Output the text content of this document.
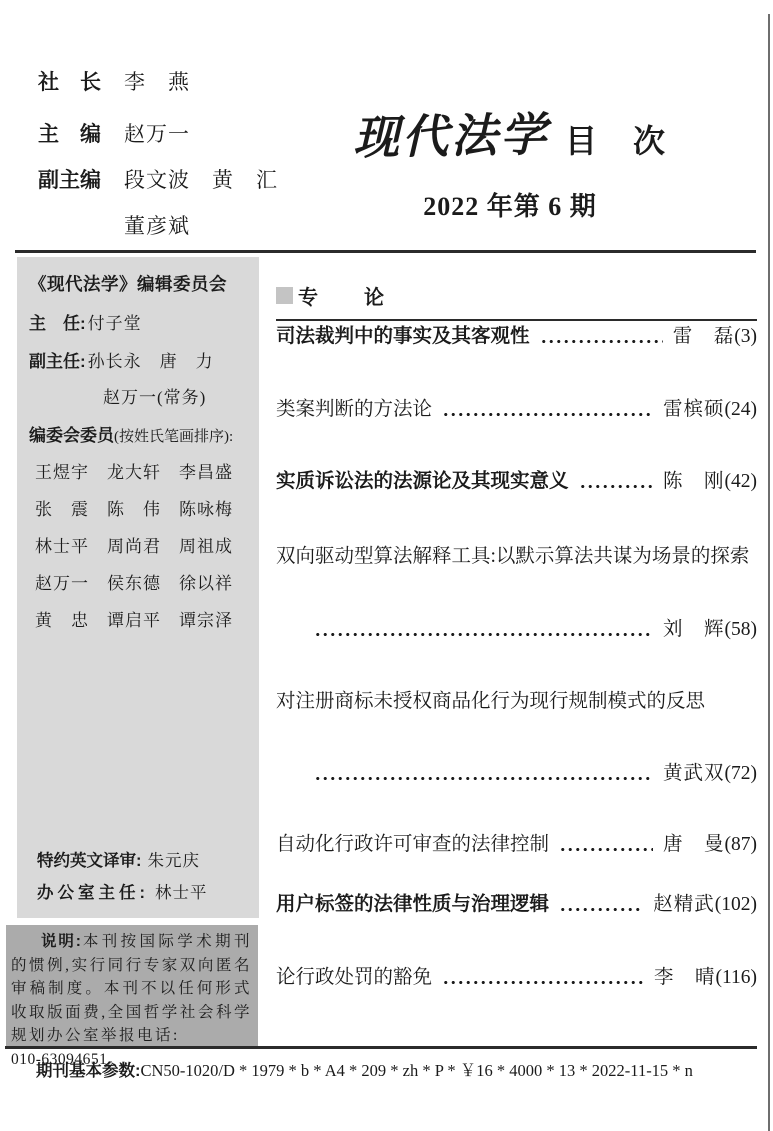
社　长	李　燕
主　编	赵万一
副主编	段文波　黄　汇
董彦斌
现代法学 目　次
2022 年第 6 期
《现代法学》编辑委员会
主　任: 付子堂
副主任: 孙长永　唐　力
赵万一(常务)
编委会委员 (按姓氏笔画排序):
王煜宇	龙大轩	李昌盛
张　震	陈　伟	陈咏梅
林士平	周尚君	周祖成
赵万一	侯东德	徐以祥
黄　忠	谭启平	谭宗泽
特约英文译审: 朱元庆
办公室主任: 林士平
说明:本刊按国际学术期刊的惯例,实行同行专家双向匿名审稿制度。本刊不以任何形式收取版面费,全国哲学社会科学规划办公室举报电话:
010-63094651。
专　　论
司法裁判中的事实及其客观性	雷　磊 (3)
类案判断的方法论	雷槟硕 (24)
实质诉讼法的法源论及其现实意义	陈　刚 (42)
双向驱动型算法解释工具:以默示算法共谋为场景的探索
刘　辉 (58)
对注册商标未授权商品化行为现行规制模式的反思
黄武双 (72)
自动化行政许可审查的法律控制	唐　曼 (87)
用户标签的法律性质与治理逻辑	赵精武 (102)
论行政处罚的豁免	李　晴 (116)
期刊基本参数:CN50-1020/D * 1979 * b * A4 * 209 * zh * P * ￥16 * 4000 * 13 * 2022-11-15 * n
